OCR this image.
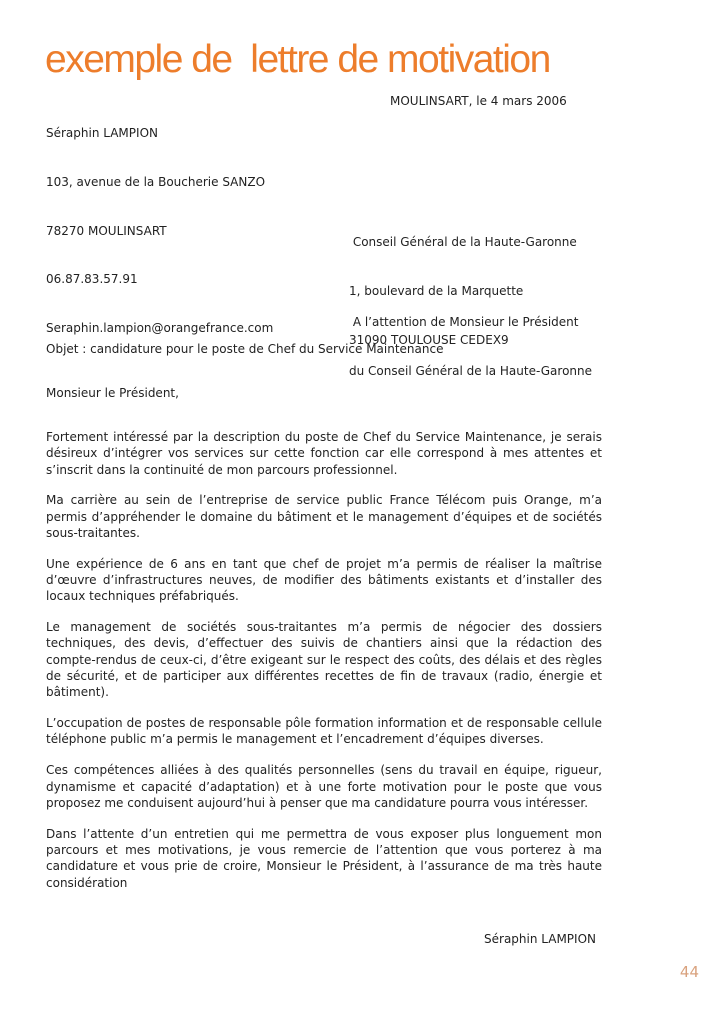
exemple de  lettre de motivation

Séraphin LAMPION

103, avenue de la Boucherie SANZO

78270 MOULINSART

06.87.83.57.91

Seraphin.lampion@orangefrance.com

MOULINSART, le 4 mars 2006

Conseil Général de la Haute-Garonne

1, boulevard de la Marquette

31090 TOULOUSE CEDEX9

A l’attention de Monsieur le Président

du Conseil Général de la Haute-Garonne

Objet : candidature pour le poste de Chef du Service Maintenance
Monsieur le Président,

Fortement intéressé par la description du poste de Chef du Service Maintenance, je serais désireux d’intégrer vos services sur cette fonction car elle correspond à mes attentes et s’inscrit dans la continuité de mon parcours professionnel.

Ma carrière au sein de l’entreprise de service public France Télécom puis Orange, m’a permis d’appréhender le domaine du bâtiment et le management d’équipes et de sociétés sous-traitantes.

Une expérience de 6 ans en tant que chef de projet m’a permis de réaliser la maîtrise d’œuvre d’infrastructures neuves, de modifier des bâtiments existants et d’installer des locaux techniques préfabriqués.

Le management de sociétés sous-traitantes m’a permis de négocier des dossiers techniques, des devis, d’effectuer des suivis de chantiers ainsi que la rédaction des compte-rendus de ceux-ci, d’être exigeant sur le respect des coûts, des délais et des règles de sécurité, et de participer aux différentes recettes de fin de travaux (radio, énergie et bâtiment).

L’occupation de postes de responsable pôle formation information et de responsable cellule téléphone public m’a permis le management et l’encadrement d’équipes diverses.

Ces compétences alliées à des qualités personnelles (sens du travail en équipe, rigueur, dynamisme et capacité d’adaptation) et à une forte motivation pour le poste que vous proposez me conduisent aujourd’hui à penser que ma candidature pourra vous intéresser.

Dans l’attente d’un entretien qui me permettra de vous exposer plus longuement mon parcours et mes motivations, je vous remercie de l’attention que vous porterez à ma candidature et vous prie de croire, Monsieur le Président, à l’assurance de ma très haute considération

Séraphin LAMPION
44
